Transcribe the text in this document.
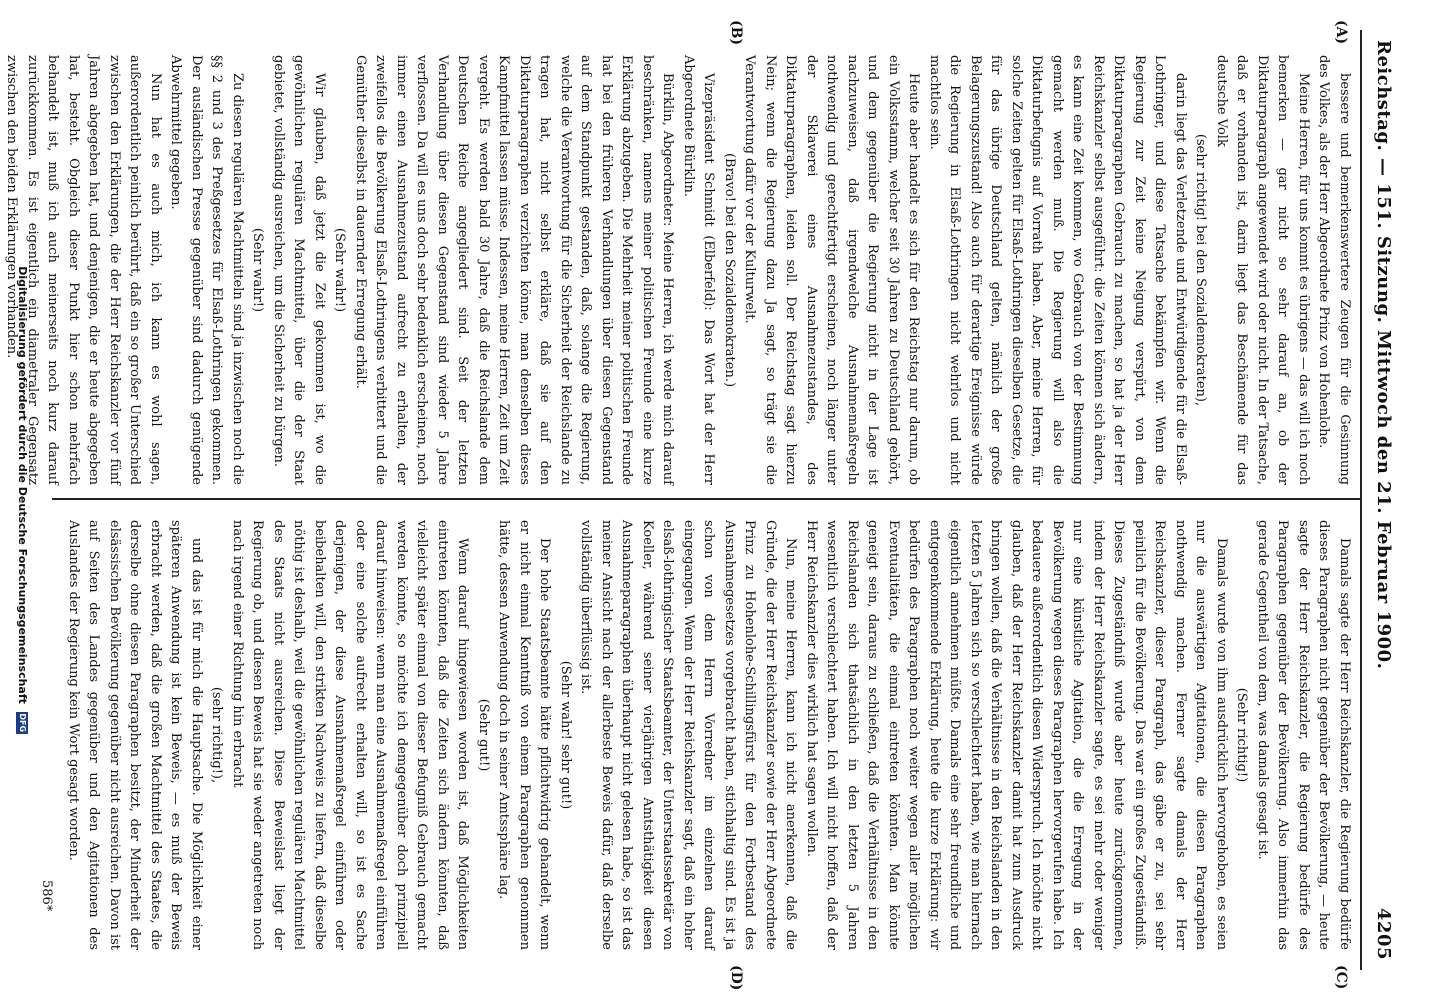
Reichstag. — 151. Sitzung. Mittwoch den 21. Februar 1900.
4205
(A)
(B)
(C)
(D)

bessere und bemerkenswertere Zeugen für die Gesinnung des Volkes, als der Herr Abgeordnete Prinz von Hohenlohe.

Meine Herren, für uns kommt es übrigens — das will ich noch bemerken — gar nicht so sehr darauf an, ob der Diktaturparagraph angewendet wird oder nicht. In der Tatsache, daß er vorhanden ist, darin liegt das Beschämende für das deutsche Volk

(sehr richtig! bei den Sozialdemokraten),

darin liegt das Verletzende und Entwürdigende für die Elsaß-Lothringer, und diese Tatsache bekämpfen wir. Wenn die Regierung zur Zeit keine Neigung verspürt, von dem Diktaturparagraphen Gebrauch zu machen, so hat ja der Herr Reichskanzler selbst ausgeführt: die Zeiten können sich ändern, es kann eine Zeit kommen, wo Gebrauch von der Bestimmung gemacht werden muß. Die Regierung will also die Diktaturbefugnis auf Vorrath haben. Aber, meine Herren, für solche Zeiten gelten für Elsaß-Lothringen dieselben Gesetze, die für das übrige Deutschland gelten, nämlich der große Belagerungszustand! Also auch für derartige Ereignisse würde die Regierung in Elsaß-Lothringen nicht wehrlos und nicht machtlos sein.

Heute aber handelt es sich für den Reichstag nur darum, ob ein Volksstamm, welcher seit 30 Jahren zu Deutschland gehört, und dem gegenüber die Regierung nicht in der Lage ist nachzuweisen, daß irgendwelche Ausnahmemaßregeln nothwendig und gerechtfertigt erscheinen, noch länger unter der Sklaverei eines Ausnahmezustandes, des Diktaturparagraphen, leiden soll. Der Reichstag sagt hierzu Nein; wenn die Regierung dazu Ja sagt, so trägt sie die Verantwortung dafür vor der Kulturwelt.

(Bravo! bei den Sozialdemokraten.)

Vizepräsident Schmidt (Elberfeld): Das Wort hat der Herr Abgeordnete Bürklin.

Bürklin, Abgeordneter: Meine Herren, ich werde mich darauf beschränken, namens meiner politischen Freunde eine kurze Erklärung abzugeben. Die Mehrheit meiner politischen Freunde hat bei den früheren Verhandlungen über diesen Gegenstand auf dem Standpunkt gestanden, daß, solange die Regierung, welche die Verantwortung für die Sicherheit der Reichslande zu tragen hat, nicht selbst erkläre, daß sie auf den Diktaturparagraphen verzichten könne, man denselben dieses Kampfmittel lassen müsse. Indessen, meine Herren, Zeit um Zeit vergeht. Es werden bald 30 Jahre, daß die Reichslande dem Deutschen Reiche angegliedert sind. Seit der letzten Verhandlung über diesen Gegenstand sind wieder 5 Jahre verflossen. Da will es uns doch sehr bedenklich erscheinen, noch immer einen Ausnahmezustand aufrecht zu erhalten, der zweifellos die Bevölkerung Elsaß-Lothringens verbittert und die Gemüther dieselbst in dauernder Erregung erhält.

(Sehr wahr!)

Wir glauben, daß jetzt die Zeit gekommen ist, wo die gewöhnlichen regulären Machtmittel, über die der Staat gebietet, vollständig ausreichen, um die Sicherheit zu bürgen.

(Sehr wahr!)

Zu diesen regulären Machtmitteln sind ja inzwischen noch die §§ 2 und 3 des Preßgesetzes für Elsaß-Lothringen gekommen. Der ausländischen Presse gegenüber sind dadurch genügende Abwehrmittel gegeben.

Nun hat es auch mich, ich kann es wohl sagen, außerordentlich peinlich berührt, daß ein so großer Unterschied zwischen den Erklärungen, die der Herr Reichskanzler vor fünf Jahren abgegeben hat, und denjenigen, die er heute abgegeben hat, besteht. Obgleich dieser Punkt hier schon mehrfach behandelt ist, muß ich auch meinerseits noch kurz darauf zurückkommen. Es ist eigentlich ein diametraler Gegensatz zwischen den beiden Erklärungen vorhanden.

Damals sagte der Herr Reichskanzler, die Regierung bedürfe dieses Paragraphen nicht gegenüber der Bevölkerung, — heute sagte der Herr Reichskanzler, die Regierung bedürfe des Paragraphen gegenüber der Bevölkerung. Also immerhin das gerade Gegentheil von dem, was damals gesagt ist.

(Sehr richtig!)

Damals wurde von ihm ausdrücklich hervorgehoben, es seien nur die auswärtigen Agitationen, die diesen Paragraphen nothwendig machen. Ferner sagte damals der Herr Reichskanzler, dieser Paragraph, das gäbe er zu, sei sehr peinlich für die Bevölkerung. Das war ein großes Zugeständniß. Dieses Zugeständniß wurde aber heute zurückgenommen, indem der Herr Reichskanzler sagte, es sei mehr oder weniger nur eine künstliche Agitation, die die Erregung in der Bevölkerung wegen dieses Paragraphen hervorgerufen habe. Ich bedauere außerordentlich diesen Widerspruch. Ich möchte nicht glauben, daß der Herr Reichskanzler damit hat zum Ausdruck bringen wollen, daß die Verhältnisse in den Reichslanden in den letzten 5 Jahren sich so verschlechtert haben, wie man hiernach eigentlich annehmen müßte. Damals eine sehr freundliche und entgegenkommende Erklärung, heute die kurze Erklärung: wir bedürfen des Paragraphen noch weiter wegen aller möglichen Eventualitäten, die einmal eintreten könnten. Man könnte geneigt sein, daraus zu schließen, daß die Verhältnisse in den Reichslanden sich thatsächlich in den letzten 5 Jahren wesentlich verschlechtert haben. Ich will nicht hoffen, daß der Herr Reichskanzler dies wirklich hat sagen wollen.

Nun, meine Herren, kann ich nicht anerkennen, daß die Gründe, die der Herr Reichskanzler sowie der Herr Abgeordnete Prinz zu Hohenlohe-Schillingsfürst für den Fortbestand des Ausnahmegesetzes vorgebracht haben, stichhaltig sind. Es ist ja schon von dem Herrn Vorredner im einzelnen darauf eingegangen. Wenn der Herr Reichskanzler sagt, daß ein hoher elsaß-lothringischer Staatsbeamter, der Unterstaatssekretär von Koeller, während seiner vierjährigen Amtsthätigkeit diesen Ausnahmeparagraphen überhaupt nicht gelesen habe, so ist das meiner Ansicht nach der allerbeste Beweis dafür, daß derselbe vollständig überflüssig ist.

(Sehr wahr! sehr gut!)

Der hohe Staatsbeamte hätte pflichtwidrig gehandelt, wenn er nicht einmal Kenntniß von einem Paragraphen genommen hätte, dessen Anwendung doch in seiner Amtssphäre lag.

(Sehr gut!)

Wenn darauf hingewiesen worden ist, daß Möglichkeiten eintreten könnten, daß die Zeiten sich ändern könnten, daß vielleicht später einmal von dieser Befugniß Gebrauch gemacht werden könnte, so möchte ich demgegenüber doch prinzipiell darauf hinweisen: wenn man eine Ausnahmemaßregel einführen oder eine solche aufrecht erhalten will, so ist es Sache derjenigen, der diese Ausnahmemaßregel einführen oder beibehalten will, den strikten Nachweis zu liefern, daß dieselbe nöthig ist deshalb, weil die gewöhnlichen regulären Machtmittel des Staats nicht ausreichen. Diese Beweislast liegt der Regierung ob, und diesen Beweis hat sie weder angetreten noch nach irgend einer Richtung hin erbracht

(sehr richtig!),

und das ist für mich die Hauptsache. Die Möglichkeit einer späteren Anwendung ist kein Beweis, — es muß der Beweis erbracht werden, daß die großen Machtmittel des Staates, die derselbe ohne diesen Paragraphen besitzt, der Minderheit der elsässischen Bevölkerung gegenüber nicht ausreichen. Davon ist auf Seiten des Landes gegenüber und den Agitationen des Auslandes der Regierung kein Wort gesagt worden.

586*
Digitalisierung gefördert durch die Deutsche Forschungsgemeinschaft DFG
